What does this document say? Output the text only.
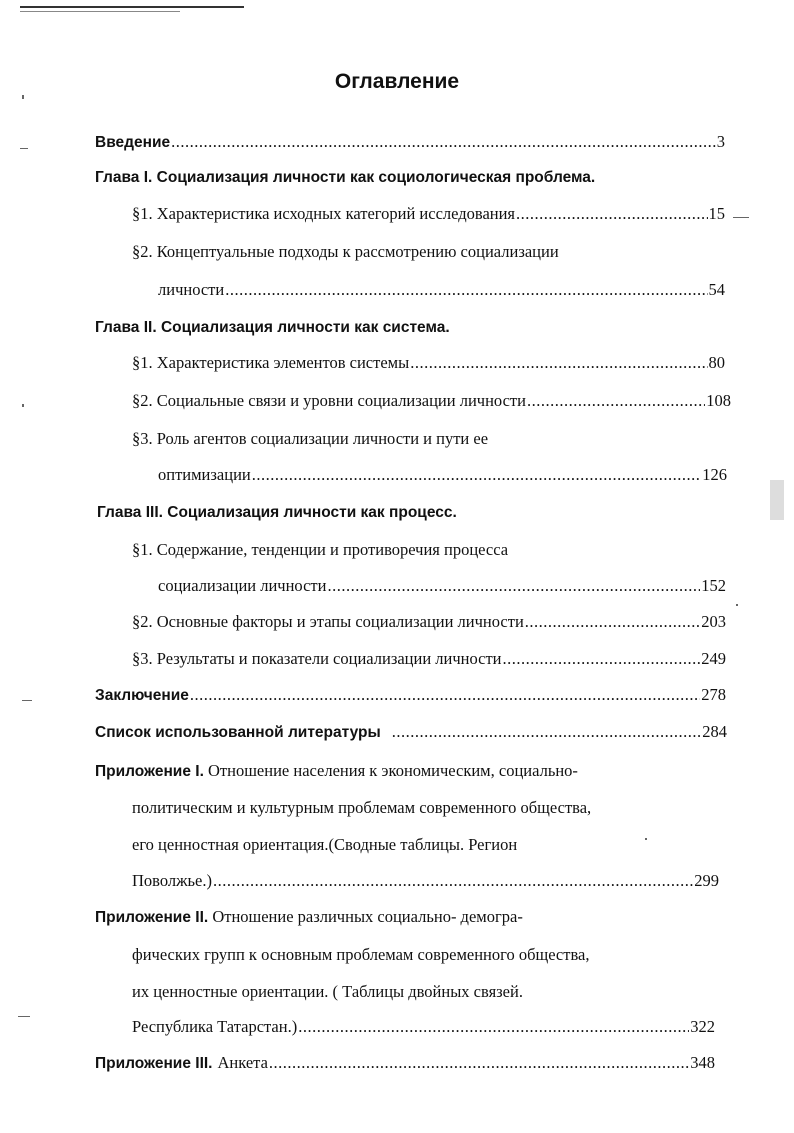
Оглавление
Введение .....	3
Глава I. Социализация личности как социологическая проблема.
§1. Характеристика исходных категорий исследования .....	15
§2. Концептуальные подходы к рассмотрению социализации
личности .....	54
Глава II. Социализация личности как система.
§1. Характеристика элементов системы .....	80
§2. Социальные связи и уровни социализации личности .....	108
§3. Роль агентов социализации личности и пути ее
оптимизации .....	126
Глава III. Социализация личности как процесс.
§1. Содержание, тенденции и противоречия процесса
социализации личности .....	152
§2. Основные факторы и этапы социализации личности .....	203
§3. Результаты и показатели социализации личности .....	249
Заключение .....	278
Список использованной литературы .....	284
Приложение I. Отношение населения к экономическим, социально-
политическим и культурным проблемам современного общества,
его ценностная ориентация.(Сводные таблицы. Регион
Поволжье.) .....	299
Приложение II. Отношение различных социально- демогра-
фических групп к основным проблемам современного общества,
их ценностные ориентации. ( Таблицы двойных связей.
Республика Татарстан.) .....	322
Приложение III. Анкета .....	348
